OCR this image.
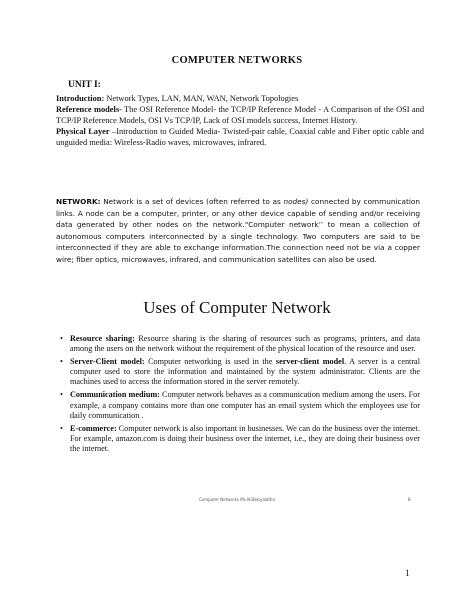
COMPUTER NETWORKS
UNIT I:

Introduction: Network Types, LAN, MAN, WAN, Network Topologies

Reference models- The OSI Reference Model- the TCP/IP Reference Model - A Comparison of the OSI and TCP/IP Reference Models, OSI Vs TCP/IP, Lack of OSI models success, Internet History.

Physical Layer –Introduction to Guided Media- Twisted-pair cable, Coaxial cable and Fiber optic cable and unguided media: Wireless-Radio waves, microwaves, infrared.

NETWORK: Network is a set of devices (often referred to as nodes) connected by communication links. A node can be a computer, printer, or any other device capable of sending and/or receiving data generated by other nodes on the network.“Computer network’’ to mean a collection of autonomous computers interconnected by a single technology. Two computers are said to be interconnected if they are able to exchange information.The connection need not be via a copper wire; fiber optics, microwaves, infrared, and communication satellites can also be used.
Uses of Computer Network
• Resource sharing: Resource sharing is the sharing of resources such as programs, printers, and data among the users on the network without the requirement of the physical location of the resource and user.
• Server-Client model: Computer networking is used in the server-client model. A server is a central computer used to store the information and maintained by the system administrator. Clients are the machines used to access the information stored in the server remotely.
• Communication medium: Computer network behaves as a communication medium among the users. For example, a company contains more than one computer has an email system which the employees use for daily communication .
• E-commerce: Computer network is also important in businesses. We can do the business over the internet. For example, amazon.com is doing their business over the internet, i.e., they are doing their business over the internet.
Computer Networks Ms.N.Bakiyalatha	8
1
